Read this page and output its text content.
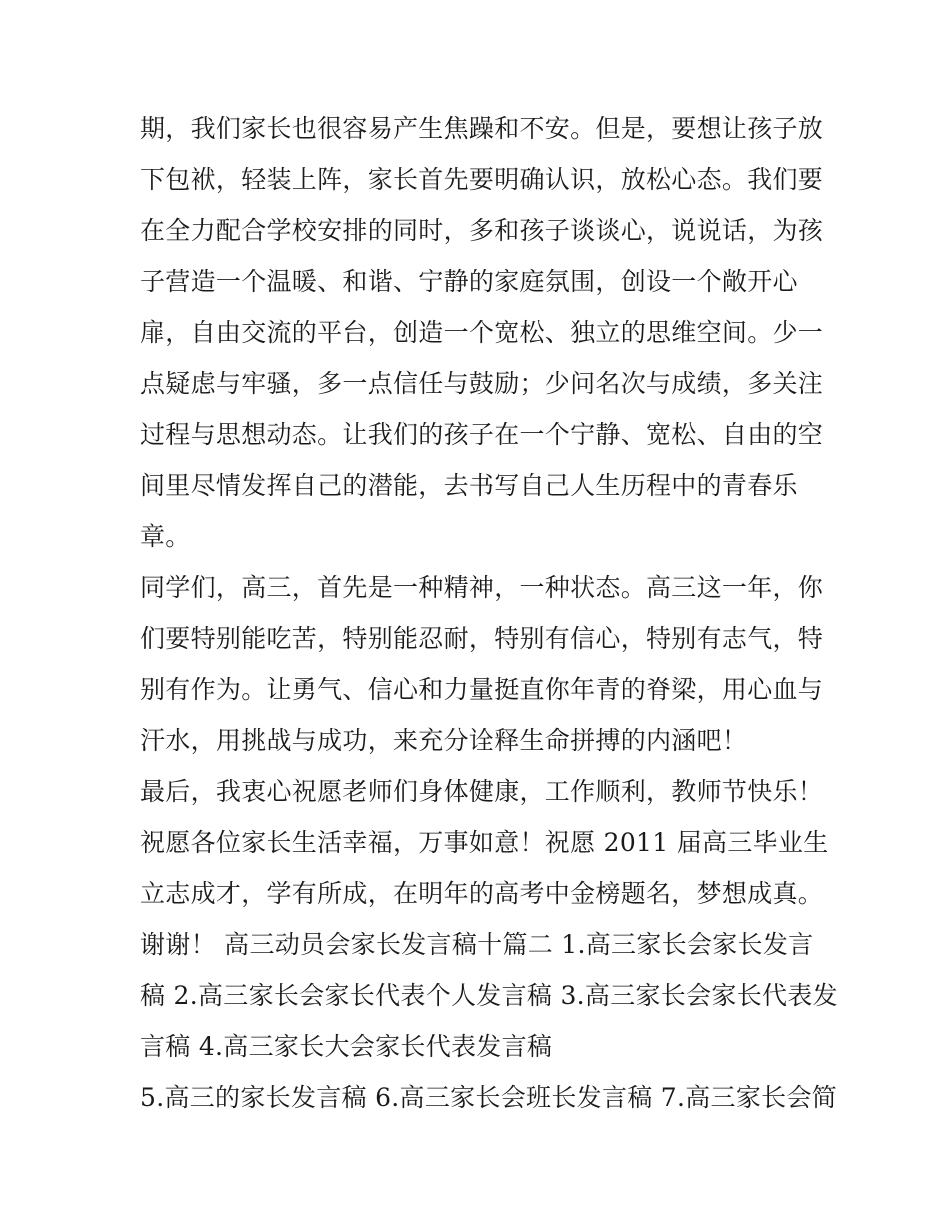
期，我们家长也很容易产生焦躁和不安。但是，要想让孩子放
下包袱，轻装上阵，家长首先要明确认识，放松心态。我们要
在全力配合学校安排的同时，多和孩子谈谈心，说说话，为孩
子营造一个温暖、和谐、宁静的家庭氛围，创设一个敞开心
扉，自由交流的平台，创造一个宽松、独立的思维空间。少一
点疑虑与牢骚，多一点信任与鼓励；少问名次与成绩，多关注
过程与思想动态。让我们的孩子在一个宁静、宽松、自由的空
间里尽情发挥自己的潜能，去书写自己人生历程中的青春乐
章。
同学们，高三，首先是一种精神，一种状态。高三这一年，你
们要特别能吃苦，特别能忍耐，特别有信心，特别有志气，特
别有作为。让勇气、信心和力量挺直你年青的脊梁，用心血与
汗水，用挑战与成功，来充分诠释生命拼搏的内涵吧！
最后，我衷心祝愿老师们身体健康，工作顺利，教师节快乐！
祝愿各位家长生活幸福，万事如意！祝愿 2011 届高三毕业生
立志成才，学有所成，在明年的高考中金榜题名，梦想成真。
谢谢！ 高三动员会家长发言稿十篇二 1.高三家长会家长发言
稿 2.高三家长会家长代表个人发言稿 3.高三家长会家长代表发
言稿 4.高三家长大会家长代表发言稿
5.高三的家长发言稿 6.高三家长会班长发言稿 7.高三家长会简
